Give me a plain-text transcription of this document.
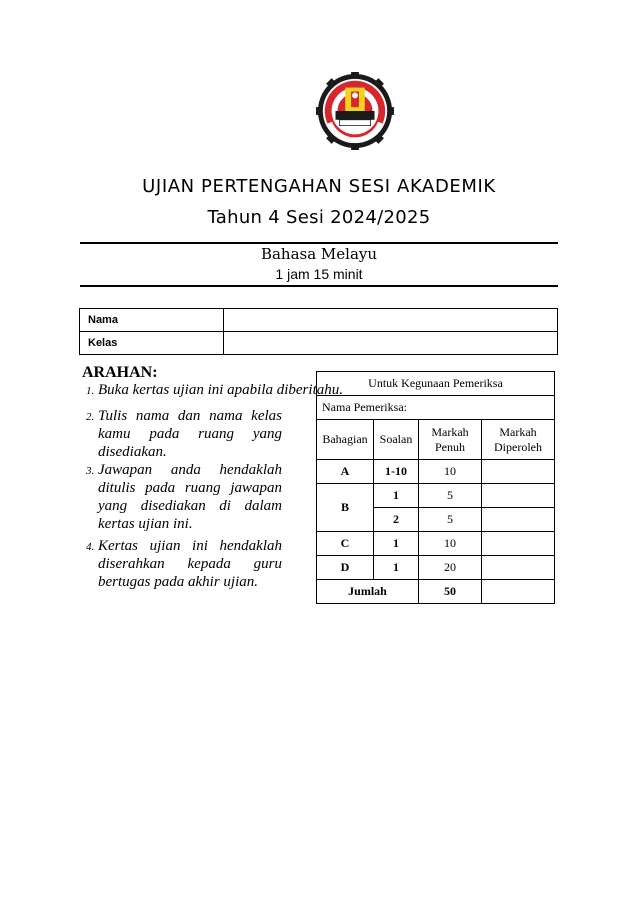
UJIAN PERTENGAHAN SESI AKADEMIK
Tahun 4 Sesi 2024/2025
Bahasa Melayu
1 jam 15 minit
Nama	
Kelas	
ARAHAN:
1. Buka kertas ujian ini apabila diberitahu.
2. Tulis nama dan nama kelas kamu pada ruang yang disediakan.
3. Jawapan anda hendaklah ditulis pada ruang jawapan yang disediakan di dalam kertas ujian ini.
4. Kertas ujian ini hendaklah diserahkan kepada guru bertugas pada akhir ujian.
Untuk Kegunaan Pemeriksa			
Nama Pemeriksa:			
Bahagian	Soalan	Markah Penuh	Markah Diperoleh
A	1-10	10	
B	1	5	
	2	5	
C	1	10	
D	1	20	
Jumlah		50	
